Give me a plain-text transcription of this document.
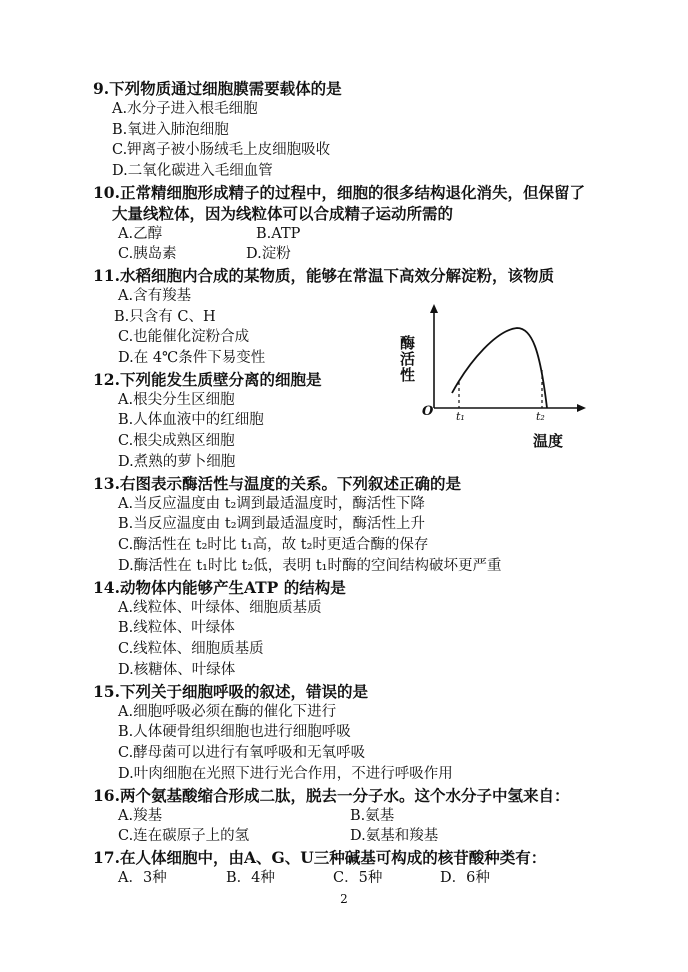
9.下列物质通过细胞膜需要载体的是
A.水分子进入根毛细胞
B.氧进入肺泡细胞
C.钾离子被小肠绒毛上皮细胞吸收
D.二氧化碳进入毛细血管
10.正常精细胞形成精子的过程中，细胞的很多结构退化消失，但保留了
大量线粒体，因为线粒体可以合成精子运动所需的
A.乙醇	B.ATP
C.胰岛素	D.淀粉
11.水稻细胞内合成的某物质，能够在常温下高效分解淀粉，该物质
A.含有羧基
B.只含有 C、H
C.也能催化淀粉合成
D.在 4℃条件下易变性
12.下列能发生质壁分离的细胞是
A.根尖分生区细胞
B.人体血液中的红细胞
C.根尖成熟区细胞
D.煮熟的萝卜细胞
酶
活
性
O t₁	t₂
温度
13.右图表示酶活性与温度的关系。下列叙述正确的是
A.当反应温度由 t₂调到最适温度时，酶活性下降
B.当反应温度由 t₂调到最适温度时，酶活性上升
C.酶活性在 t₂时比 t₁高，故 t₂时更适合酶的保存
D.酶活性在 t₁时比 t₂低，表明 t₁时酶的空间结构破坏更严重
14.动物体内能够产生ATP 的结构是
A.线粒体、叶绿体、细胞质基质
B.线粒体、叶绿体
C.线粒体、细胞质基质
D.核糖体、叶绿体
15.下列关于细胞呼吸的叙述，错误的是
A.细胞呼吸必须在酶的催化下进行
B.人体硬骨组织细胞也进行细胞呼吸
C.酵母菌可以进行有氧呼吸和无氧呼吸
D.叶肉细胞在光照下进行光合作用，不进行呼吸作用
16.两个氨基酸缩合形成二肽，脱去一分子水。这个水分子中氢来自：
A.羧基	B.氨基
C.连在碳原子上的氢	D.氨基和羧基
17.在人体细胞中，由A、G、U三种碱基可构成的核苷酸种类有：
A．3种	B．4种	C．5种	D．6种
2
